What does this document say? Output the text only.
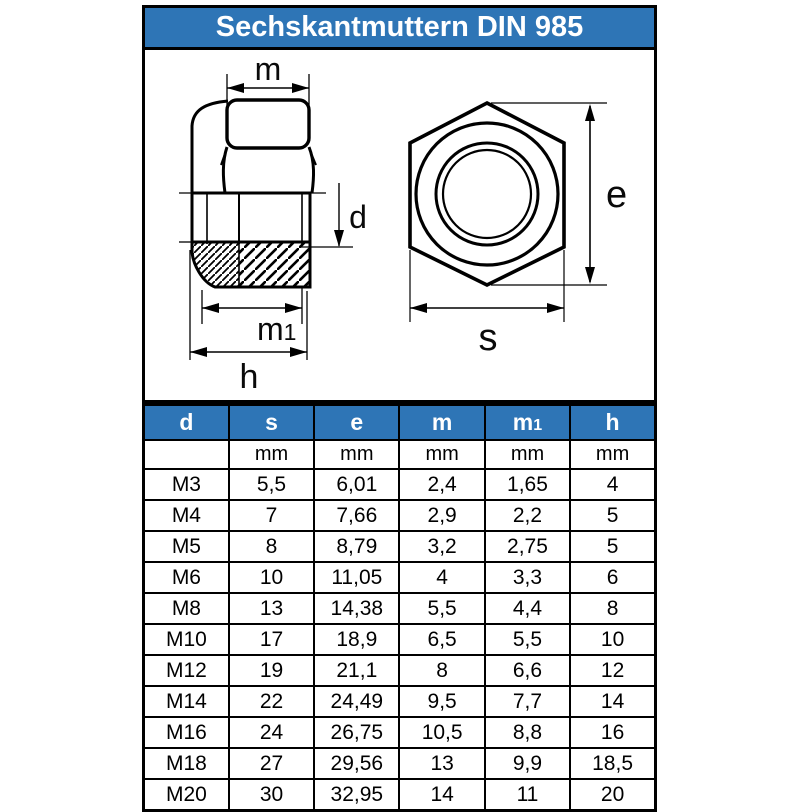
Sechskantmuttern DIN 985
m
d
m1
h
e
s
d	s	e	m	m1	h
	mm	mm	mm	mm	mm
M3	5,5	6,01	2,4	1,65	4
M4	7	7,66	2,9	2,2	5
M5	8	8,79	3,2	2,75	5
M6	10	11,05	4	3,3	6
M8	13	14,38	5,5	4,4	8
M10	17	18,9	6,5	5,5	10
M12	19	21,1	8	6,6	12
M14	22	24,49	9,5	7,7	14
M16	24	26,75	10,5	8,8	16
M18	27	29,56	13	9,9	18,5
M20	30	32,95	14	11	20
